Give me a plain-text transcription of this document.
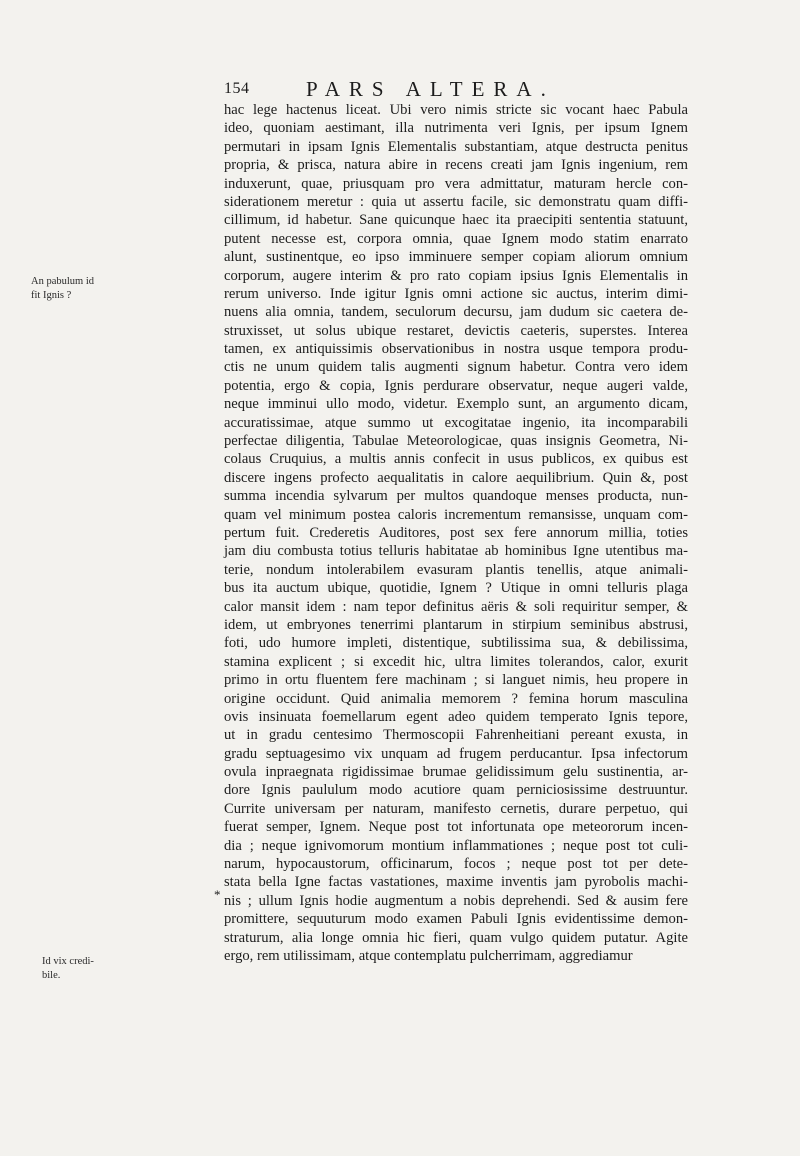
154	PARS ALTERA.
An pabulum id
fit Ignis ?
Id vix credi-
bile.
*
hac lege hactenus liceat. Ubi vero nimis stricte sic vocant haec Pabula
ideo, quoniam aestimant, illa nutrimenta veri Ignis, per ipsum Ignem
permutari in ipsam Ignis Elementalis substantiam, atque destructa penitus
propria, & prisca, natura abire in recens creati jam Ignis ingenium, rem
induxerunt, quae, priusquam pro vera admittatur, maturam hercle con-
siderationem meretur : quia ut assertu facile, sic demonstratu quam diffi-
cillimum, id habetur. Sane quicunque haec ita praecipiti sententia statuunt,
putent necesse est, corpora omnia, quae Ignem modo statim enarrato
alunt, sustinentque, eo ipso imminuere semper copiam aliorum omnium
corporum, augere interim & pro rato copiam ipsius Ignis Elementalis in
rerum universo. Inde igitur Ignis omni actione sic auctus, interim dimi-
nuens alia omnia, tandem, seculorum decursu, jam dudum sic caetera de-
struxisset, ut solus ubique restaret, devictis caeteris, superstes. Interea
tamen, ex antiquissimis observationibus in nostra usque tempora produ-
ctis ne unum quidem talis augmenti signum habetur. Contra vero idem
potentia, ergo & copia, Ignis perdurare observatur, neque augeri valde,
neque imminui ullo modo, videtur. Exemplo sunt, an argumento dicam,
accuratissimae, atque summo ut excogitatae ingenio, ita incomparabili
perfectae diligentia, Tabulae Meteorologicae, quas insignis Geometra, Ni-
colaus Cruquius, a multis annis confecit in usus publicos, ex quibus est
discere ingens profecto aequalitatis in calore aequilibrium. Quin &, post
summa incendia sylvarum per multos quandoque menses producta, nun-
quam vel minimum postea caloris incrementum remansisse, unquam com-
pertum fuit. Crederetis Auditores, post sex fere annorum millia, toties
jam diu combusta totius telluris habitatae ab hominibus Igne utentibus ma-
terie, nondum intolerabilem evasuram plantis tenellis, atque animali-
bus ita auctum ubique, quotidie, Ignem ? Utique in omni telluris plaga
calor mansit idem : nam tepor definitus aëris & soli requiritur semper, &
idem, ut embryones tenerrimi plantarum in stirpium seminibus abstrusi,
foti, udo humore impleti, distentique, subtilissima sua, & debilissima,
stamina explicent ; si excedit hic, ultra limites tolerandos, calor, exurit
primo in ortu fluentem fere machinam ; si languet nimis, heu propere in
origine occidunt. Quid animalia memorem ? femina horum masculina
ovis insinuata foemellarum egent adeo quidem temperato Ignis tepore,
ut in gradu centesimo Thermoscopii Fahrenheitiani pereant exusta, in
gradu septuagesimo vix unquam ad frugem perducantur. Ipsa infectorum
ovula inpraegnata rigidissimae brumae gelidissimum gelu sustinentia, ar-
dore Ignis paululum modo acutiore quam perniciosissime destruuntur.
Currite universam per naturam, manifesto cernetis, durare perpetuo, qui
fuerat semper, Ignem. Neque post tot infortunata ope meteororum incen-
dia ; neque ignivomorum montium inflammationes ; neque post tot culi-
narum, hypocaustorum, officinarum, focos ; neque post tot per dete-
stata bella Igne factas vastationes, maxime inventis jam pyrobolis machi-
nis ; ullum Ignis hodie augmentum a nobis deprehendi. Sed & ausim fere
promittere, sequuturum modo examen Pabuli Ignis evidentissime demon-
straturum, alia longe omnia hic fieri, quam vulgo quidem putatur. Agite
ergo, rem utilissimam, atque contemplatu pulcherrimam, aggrediamur
